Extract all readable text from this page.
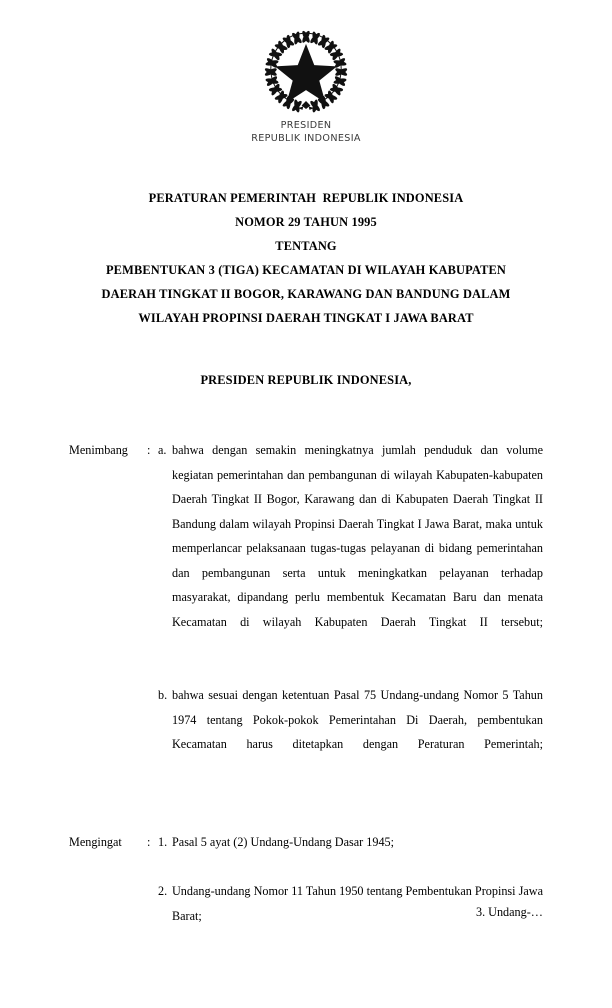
PRESIDEN
REPUBLIK INDONESIA
PERATURAN PEMERINTAH  REPUBLIK INDONESIA
NOMOR 29 TAHUN 1995
TENTANG
PEMBENTUKAN 3 (TIGA) KECAMATAN DI WILAYAH KABUPATEN
DAERAH TINGKAT II BOGOR, KARAWANG DAN BANDUNG DALAM
WILAYAH PROPINSI DAERAH TINGKAT I JAWA BARAT
PRESIDEN REPUBLIK INDONESIA,
Menimbang	: a. bahwa dengan semakin meningkatnya jumlah penduduk dan volume kegiatan pemerintahan dan pembangunan di wilayah Kabupaten-kabupaten Daerah Tingkat II Bogor, Karawang dan di Kabupaten Daerah Tingkat II Bandung dalam wilayah Propinsi Daerah Tingkat I Jawa Barat, maka untuk memperlancar pelaksanaan tugas-tugas pelayanan di bidang pemerintahan dan pembangunan serta untuk meningkatkan pelayanan terhadap masyarakat, dipandang perlu membentuk Kecamatan Baru dan menata Kecamatan di wilayah Kabupaten Daerah Tingkat II tersebut;
b. bahwa sesuai dengan ketentuan Pasal 75 Undang-undang Nomor 5 Tahun 1974 tentang Pokok-pokok Pemerintahan Di Daerah, pembentukan Kecamatan harus ditetapkan dengan Peraturan Pemerintah;
Mengingat	: 1. Pasal 5 ayat (2) Undang-Undang Dasar 1945;
2. Undang-undang Nomor 11 Tahun 1950 tentang Pembentukan Propinsi Jawa Barat;	3. Undang-…
